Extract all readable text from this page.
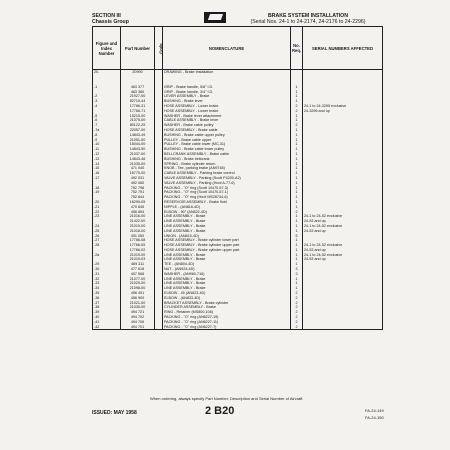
SECTION III
Chassis Group
BRAKE SYSTEM INSTALLATION
(Serial Nos. 24-1 to 24-2174, 24-2176 to 24-2296)
Figure and Index Number	Part Number	Code	NOMENCLATURE	No. Req.	SERIAL NUMBERS AFFECTED
20-	20990		DRAWING - Brake Installation		

-1	463 377		GRIP - Brake handle, 5/8" I.D.	1	
	463 380		GRIP - Brake handle, 3/4" I.D.	1	
-2	21927-00		LEVER ASSEMBLY - Brake	1	
-3	82710-44		BUSHING - Brake lever	1	
-4	17766-31		HOSE ASSEMBLY - Lower brake	2	24-1 to 24-3295 exclusive
	17766-71		HOSE ASSEMBLY - Lower brake	2	24-3296 and up
-5	15215-00		WASHER - Brake lever attachment	1	
-6	21075-00		CABLE ASSEMBLY - Brake lever	1	
-7	80122-25		WASHER - Brake cable pulley	2	
-7a	22057-00		HOSE ASSEMBLY - Brake cable	1	
-8	14843-49		BUSHING - Brake cable upper pulley	1	
-9	21051-00		PULLEY - Brake cable upper	1	
-10	15044-00		PULLEY - Brake cable lower (MC-31)	1	
-11	14843-50		BUSHING - Brake cable lower pulley	1	
-12	21037-00		BELLCRANK ASSEMBLY - Brake cable	1	
-13	14843-46		BUSHING - Brake bellcrank	1	
-14	21035-00		SPRING - Brake cylinder return	1	
-15	471 040		KNOB - Tee, parking brake (AN9748)	1	
-16	16775-00		CABLE ASSEMBLY - Parking brake control	1	
-17	492 031		VALVE ASSEMBLY - Parking (Scott P4200-A2)	1	
	492 080		VALVE ASSEMBLY - Parking (Hoof A-77-6)	1	
-18	752 798		PACKING - "O" ring (Scott 10470-57-3)	1	
-19	752 791		PACKING - "O" ring (Scott 10470-57-1)	1	
	752 844		PACKING - "O" ring (Hoof MS28744-6)	1	
-20	16290-05		RESERVOIR ASSEMBLY - Brake fluid	1	
-21	470 845		NIPPLE - (AN816-4D)	1	
-22	456 894		ELBOW - 90° (AN822-4D)	2	
-23	21016-00		LINE ASSEMBLY - Brake	1	24-1 to 24-52 exclusive
	21422-00		LINE ASSEMBLY - Brake	1	24-53 and up
-24	21010-00		LINE ASSEMBLY - Brake	1	24-1 to 24-52 exclusive
-25	21018-00		LINE ASSEMBLY - Brake	1	24-53 and up
-26	491 050		UNION - (AN815-4D)	5	
-27	17766-08		HOSE ASSEMBLY - Brake cylinder lower part	1	
-28	17766-05		HOSE ASSEMBLY - Brake cylinder upper part	1	24-1 to 24-52 exclusive
	17766-02		HOSE ASSEMBLY - Brake cylinder upper part	1	24-53 and up
-2a	21019-00		LINE ASSEMBLY - Brake	1	24-1 to 24-52 exclusive
	21019-03		LINE ASSEMBLY - Brake	1	24-53 and up
-29	469 311		TEE - (AN804-4D)	1	
-30	477 618		NUT - (AN924-4D)	3	
-31	407 568		WASHER - (AN960-716)	3	
-32	21077-00		LINE ASSEMBLY - Brake	1	
-33	21020-00		LINE ASSEMBLY - Brake	1	
-34	21098-00		LINE ASSEMBLY - Brake	1	
-35	456 491		ELBOW - 45 (AN823-4D)	2	
-36	456 900		ELBOW - (AN833-4D)	2	
-37	21021-00		BRACKET ASSEMBLY - Brake cylinder	2	
-38	21030-00		CYLINDER ASSEMBLY - Brake	2	
-39	494 721		RING - Retainer (MS800-106)	2	
-40	494 702		PACKING - "O" ring (AN6227-19)	2	
-41	494 706		PACKING - "O" ring (AN6227-11)	2	
-42	494 701		PACKING - "O" ring (AN6227-7)	2	
When ordering, always specify Part Number, Description and Serial Number of Aircraft
ISSUED: MAY 1958	2 B20	FA-24-149
FA-24-150
